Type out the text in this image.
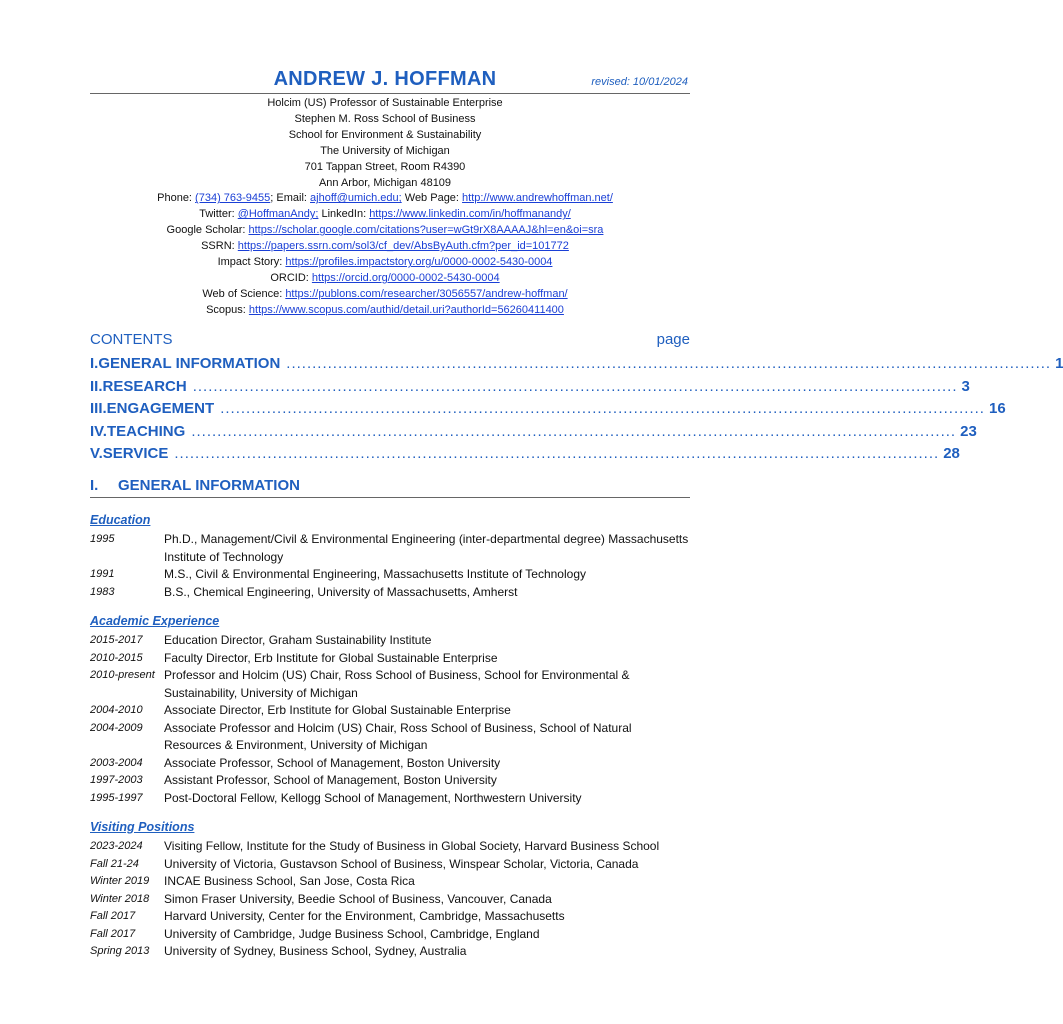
ANDREW J. HOFFMAN	revised: 10/01/2024
Holcim (US) Professor of Sustainable Enterprise
Stephen M. Ross School of Business
School for Environment & Sustainability
The University of Michigan
701 Tappan Street, Room R4390
Ann Arbor, Michigan 48109
Phone: (734) 763-9455; Email: ajhoff@umich.edu; Web Page: http://www.andrewhoffman.net/
Twitter: @HoffmanAndy; LinkedIn: https://www.linkedin.com/in/hoffmanandy/
Google Scholar: https://scholar.google.com/citations?user=wGt9rX8AAAAJ&hl=en&oi=sra
SSRN: https://papers.ssrn.com/sol3/cf_dev/AbsByAuth.cfm?per_id=101772
Impact Story: https://profiles.impactstory.org/u/0000-0002-5430-0004
ORCID: https://orcid.org/0000-0002-5430-0004
Web of Science: https://publons.com/researcher/3056557/andrew-hoffman/
Scopus: https://www.scopus.com/authid/detail.uri?authorId=56260411400
CONTENTS	page
I. GENERAL INFORMATION .................................................................................................................................................... 1
II. RESEARCH .................................................................................................................................................... 3
III. ENGAGEMENT .................................................................................................................................................... 16
IV. TEACHING .................................................................................................................................................... 23
V. SERVICE .................................................................................................................................................... 28
I. GENERAL INFORMATION
Education
1995	Ph.D., Management/Civil & Environmental Engineering (inter-departmental degree) Massachusetts Institute of Technology
1991	M.S., Civil & Environmental Engineering, Massachusetts Institute of Technology
1983	B.S., Chemical Engineering, University of Massachusetts, Amherst
Academic Experience
2015-2017	Education Director, Graham Sustainability Institute
2010-2015	Faculty Director, Erb Institute for Global Sustainable Enterprise
2010-present Professor and Holcim (US) Chair, Ross School of Business, School for Environmental & Sustainability, University of Michigan
2004-2010	Associate Director, Erb Institute for Global Sustainable Enterprise
2004-2009	Associate Professor and Holcim (US) Chair, Ross School of Business, School of Natural Resources & Environment, University of Michigan
2003-2004	Associate Professor, School of Management, Boston University
1997-2003	Assistant Professor, School of Management, Boston University
1995-1997	Post-Doctoral Fellow, Kellogg School of Management, Northwestern University
Visiting Positions
2023-2024	Visiting Fellow, Institute for the Study of Business in Global Society, Harvard Business School
Fall 21-24	University of Victoria, Gustavson School of Business, Winspear Scholar, Victoria, Canada
Winter 2019	INCAE Business School, San Jose, Costa Rica
Winter 2018	Simon Fraser University, Beedie School of Business, Vancouver, Canada
Fall 2017	Harvard University, Center for the Environment, Cambridge, Massachusetts
Fall 2017	University of Cambridge, Judge Business School, Cambridge, England
Spring 2013	University of Sydney, Business School, Sydney, Australia
